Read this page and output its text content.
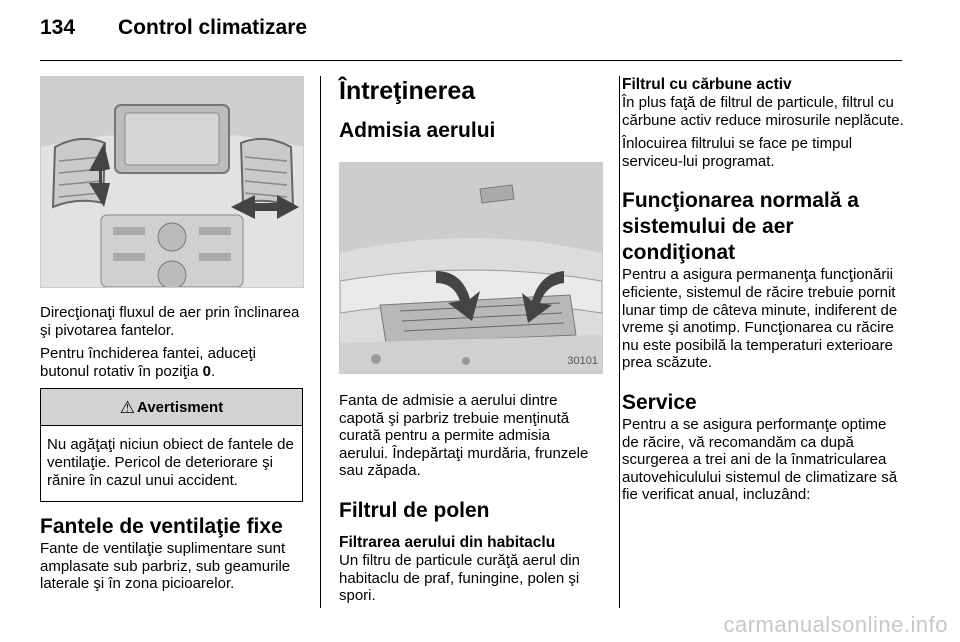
134 Control climatizare

Direcţionaţi fluxul de aer prin înclinarea şi pivotarea fantelor.

Pentru închiderea fantei, aduceţi butonul rotativ în poziţia 0.

⚠ Avertisment
Nu agăţaţi niciun obiect de fantele de ventilaţie. Pericol de deteriorare şi rănire în cazul unui accident.
Fantele de ventilaţie fixe

Fante de ventilaţie suplimentare sunt amplasate sub parbriz, sub geamurile laterale şi în zona picioarelor.

Întreţinerea
Admisia aerului
30101

Fanta de admisie a aerului dintre capotă şi parbriz trebuie menţinută curată pentru a permite admisia aerului. Îndepărtaţi murdăria, frunzele sau zăpada.

Filtrul de polen
Filtrarea aerului din habitaclu

Un filtru de particule curăţă aerul din habitaclu de praf, funingine, polen şi spori.

Filtrul cu cărbune activ

În plus faţă de filtrul de particule, filtrul cu cărbune activ reduce mirosurile neplăcute.

Înlocuirea filtrului se face pe timpul serviceu-lui programat.

Funcţionarea normală a sistemului de aer condiţionat

Pentru a asigura permanenţa funcţionării eficiente, sistemul de răcire trebuie pornit lunar timp de câteva minute, indiferent de vreme şi anotimp. Funcţionarea cu răcire nu este posibilă la temperaturi exterioare prea scăzute.

Service

Pentru a se asigura performanţe optime de răcire, vă recomandăm ca după scurgerea a trei ani de la înmatricularea autovehiculului sistemul de climatizare să fie verificat anual, incluzând:

carmanualsonline.info
